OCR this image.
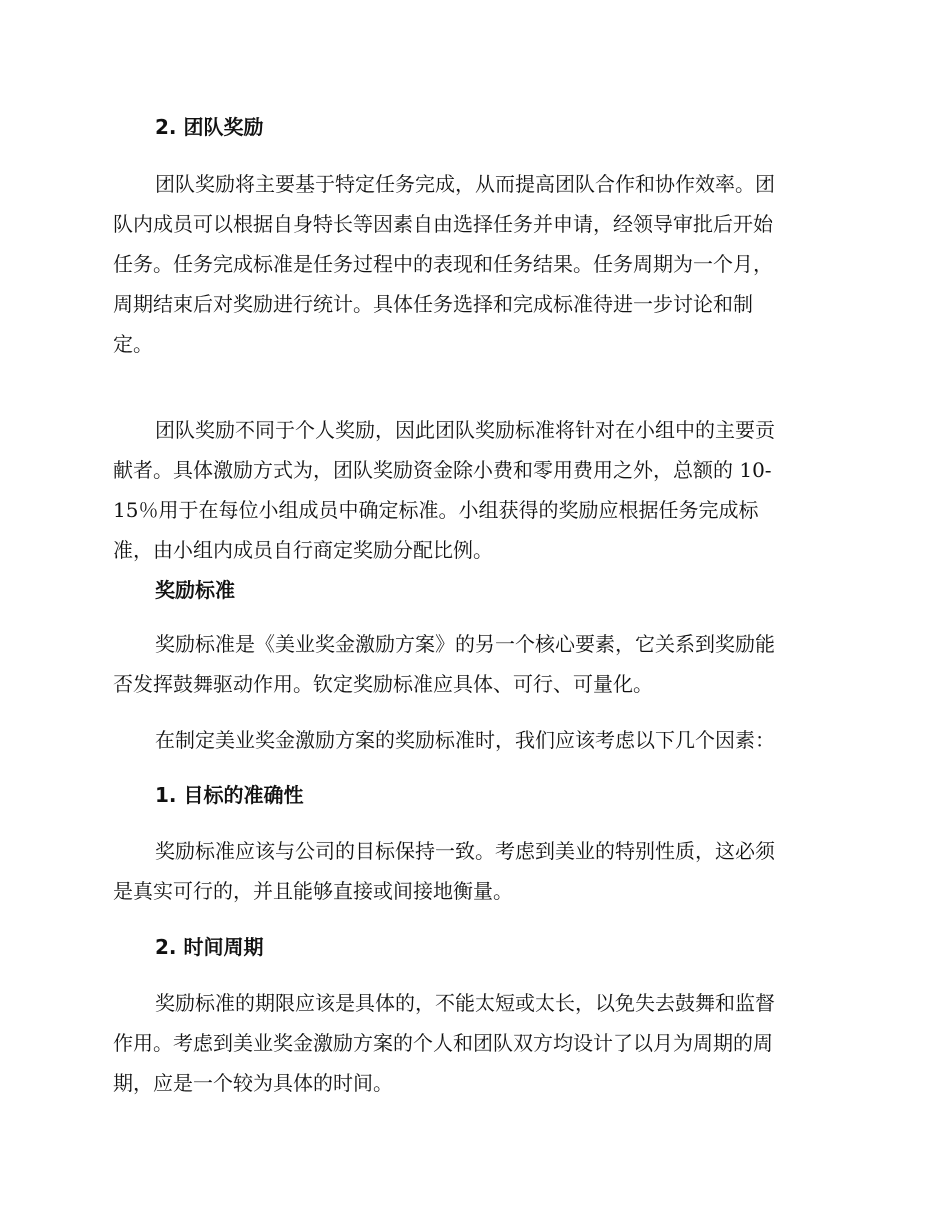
2. 团队奖励
团队奖励将主要基于特定任务完成，从而提高团队合作和协作效率。团
队内成员可以根据自身特长等因素自由选择任务并申请，经领导审批后开始
任务。任务完成标准是任务过程中的表现和任务结果。任务周期为一个月，
周期结束后对奖励进行统计。具体任务选择和完成标准待进一步讨论和制
定。
团队奖励不同于个人奖励，因此团队奖励标准将针对在小组中的主要贡
献者。具体激励方式为，团队奖励资金除小费和零用费用之外，总额的 10-
15％用于在每位小组成员中确定标准。小组获得的奖励应根据任务完成标
准，由小组内成员自行商定奖励分配比例。
奖励标准
奖励标准是《美业奖金激励方案》的另一个核心要素，它关系到奖励能
否发挥鼓舞驱动作用。钦定奖励标准应具体、可行、可量化。
在制定美业奖金激励方案的奖励标准时，我们应该考虑以下几个因素：
1. 目标的准确性
奖励标准应该与公司的目标保持一致。考虑到美业的特别性质，这必须
是真实可行的，并且能够直接或间接地衡量。
2. 时间周期
奖励标准的期限应该是具体的，不能太短或太长，以免失去鼓舞和监督
作用。考虑到美业奖金激励方案的个人和团队双方均设计了以月为周期的周
期，应是一个较为具体的时间。
